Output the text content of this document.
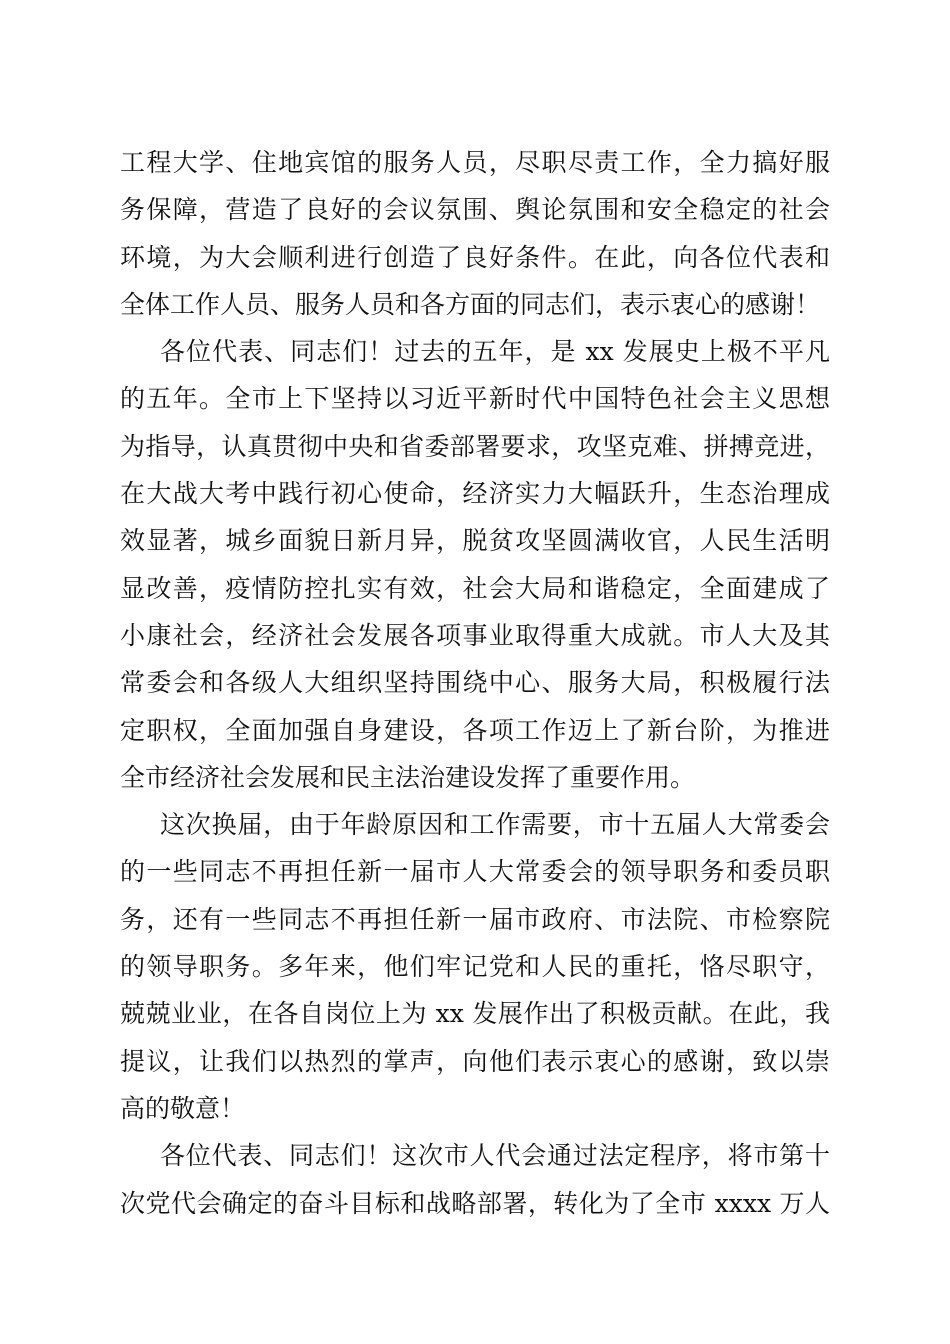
工程大学、住地宾馆的服务人员，尽职尽责工作，全力搞好服
务保障，营造了良好的会议氛围、舆论氛围和安全稳定的社会
环境，为大会顺利进行创造了良好条件。在此，向各位代表和
全体工作人员、服务人员和各方面的同志们，表示衷心的感谢！
各位代表、同志们！过去的五年，是 xx 发展史上极不平凡
的五年。全市上下坚持以习近平新时代中国特色社会主义思想
为指导，认真贯彻中央和省委部署要求，攻坚克难、拼搏竞进，
在大战大考中践行初心使命，经济实力大幅跃升，生态治理成
效显著，城乡面貌日新月异，脱贫攻坚圆满收官，人民生活明
显改善，疫情防控扎实有效，社会大局和谐稳定，全面建成了
小康社会，经济社会发展各项事业取得重大成就。市人大及其
常委会和各级人大组织坚持围绕中心、服务大局，积极履行法
定职权，全面加强自身建设，各项工作迈上了新台阶，为推进
全市经济社会发展和民主法治建设发挥了重要作用。
这次换届，由于年龄原因和工作需要，市十五届人大常委会
的一些同志不再担任新一届市人大常委会的领导职务和委员职
务，还有一些同志不再担任新一届市政府、市法院、市检察院
的领导职务。多年来，他们牢记党和人民的重托，恪尽职守，
兢兢业业，在各自岗位上为 xx 发展作出了积极贡献。在此，我
提议，让我们以热烈的掌声，向他们表示衷心的感谢，致以崇
高的敬意！
各位代表、同志们！这次市人代会通过法定程序，将市第十
次党代会确定的奋斗目标和战略部署，转化为了全市 xxxx 万人
